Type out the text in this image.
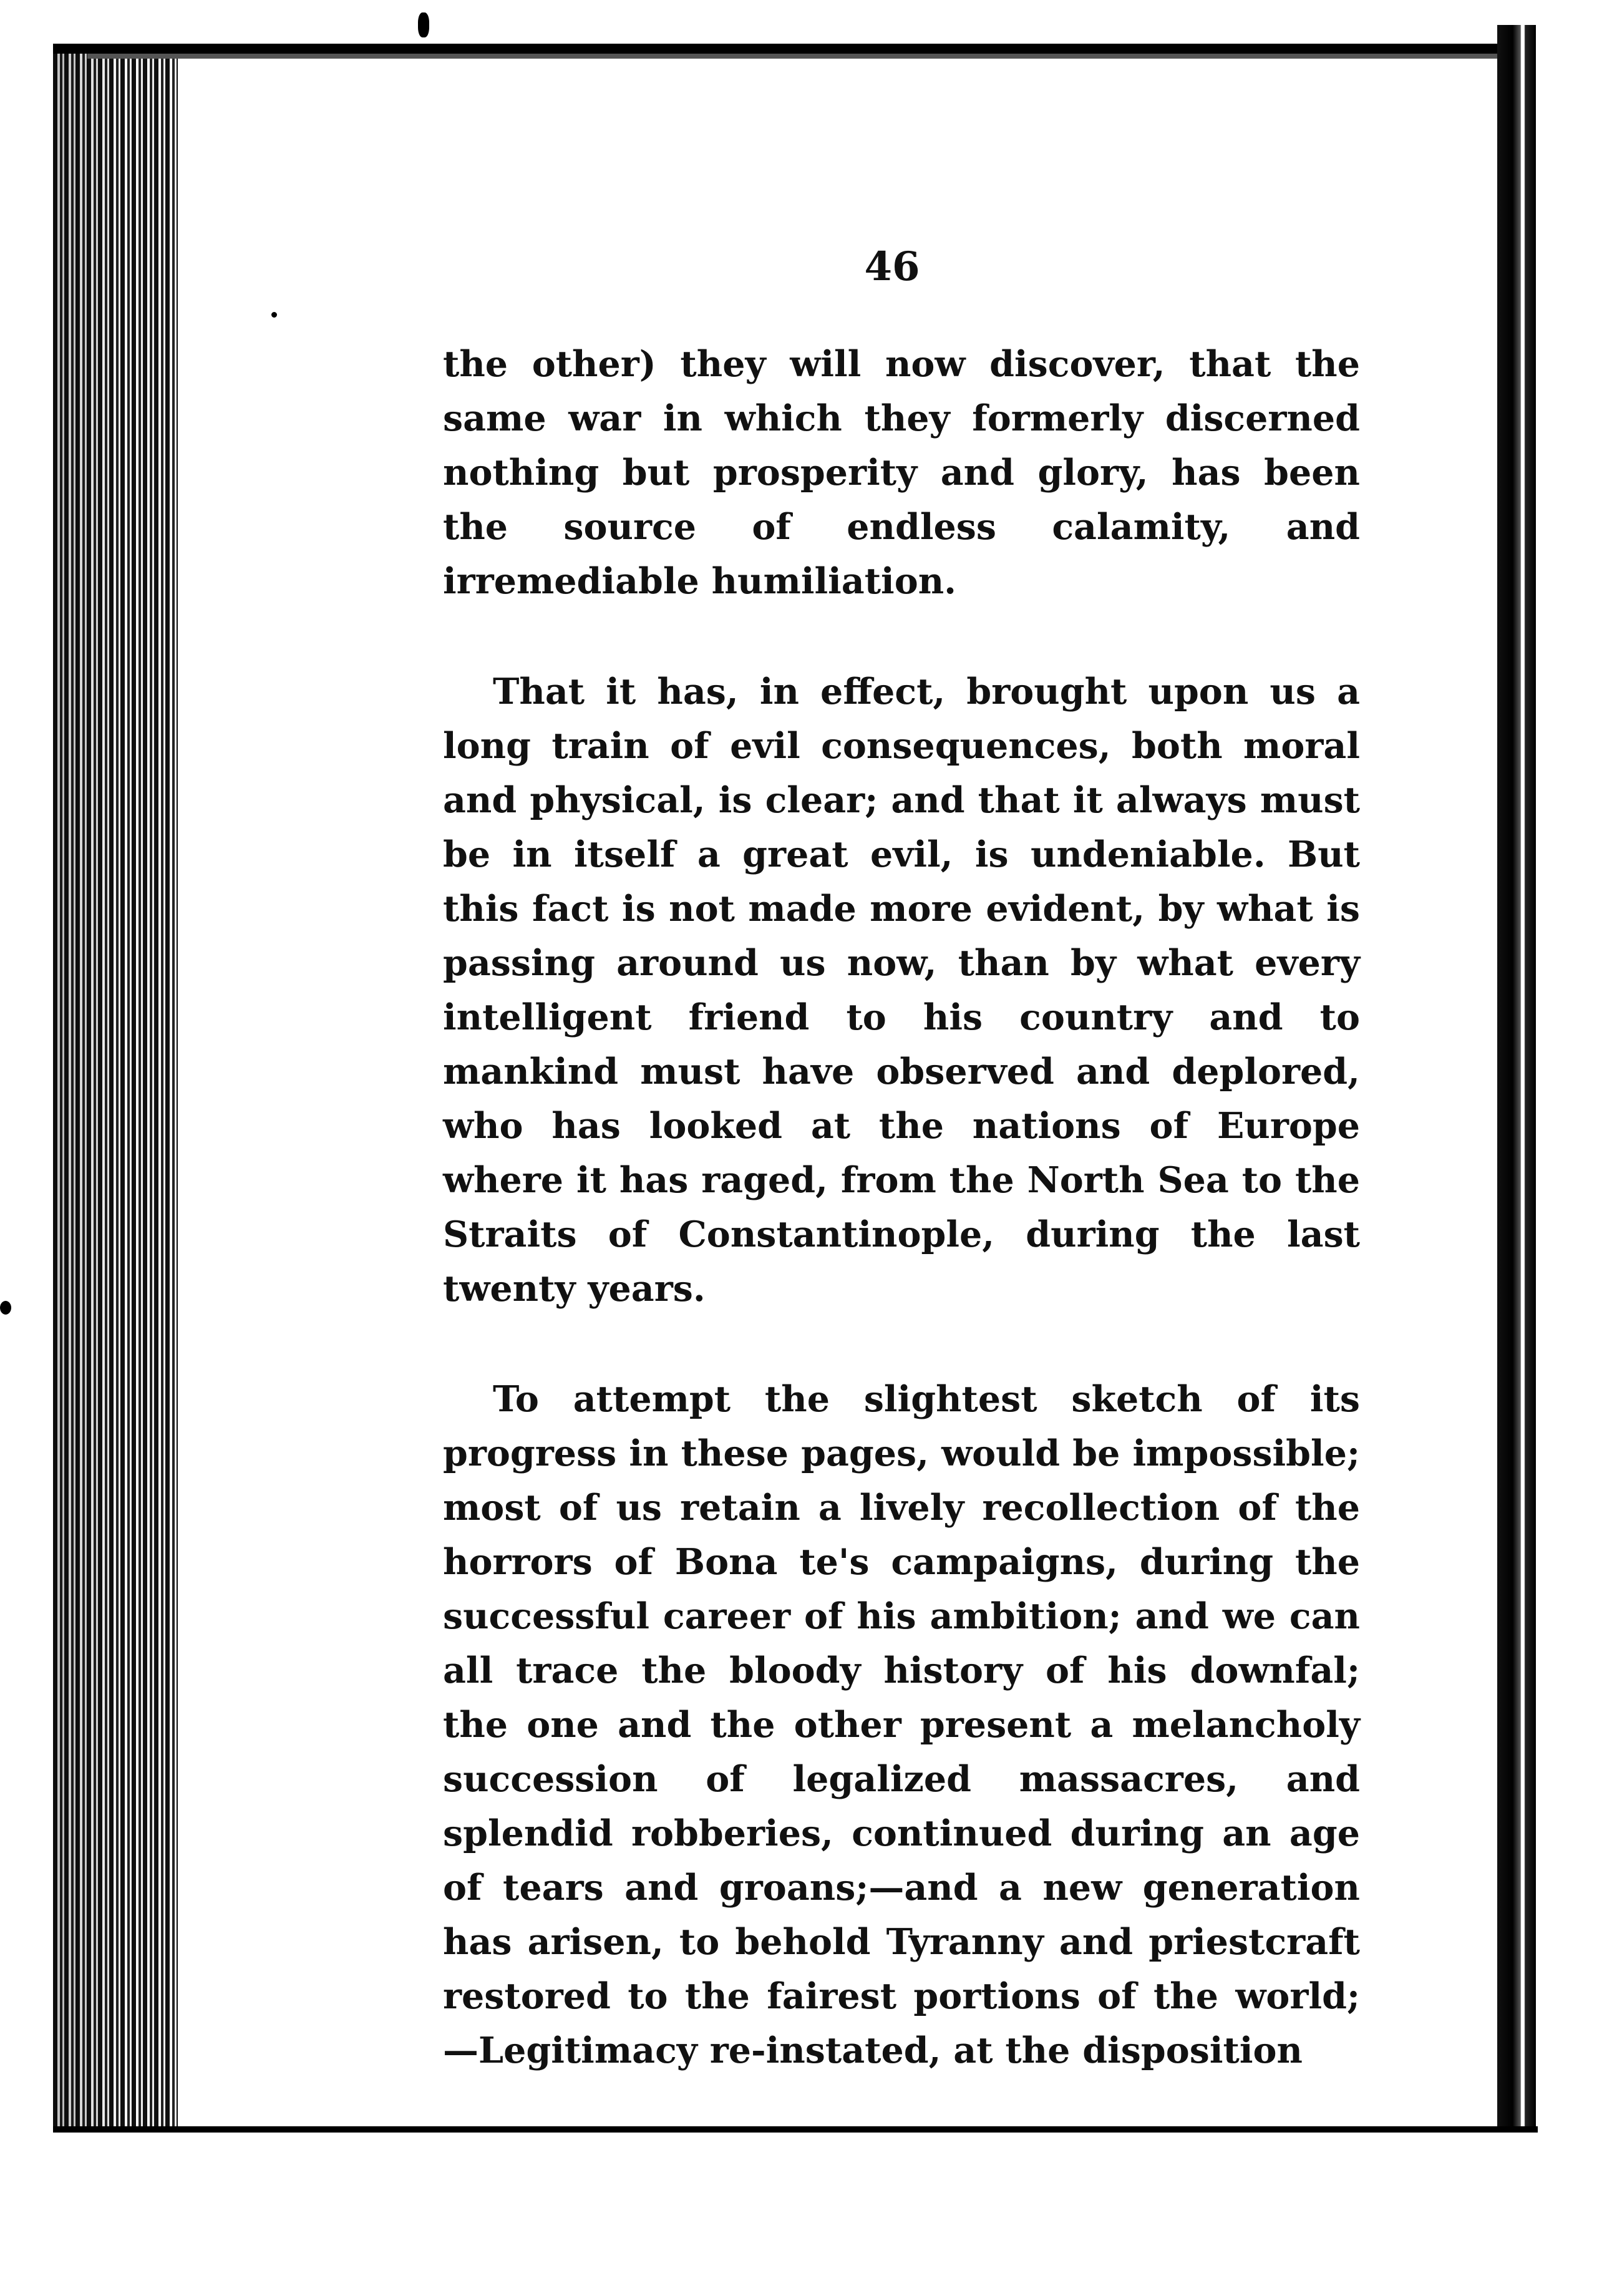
46

the other) they will now discover, that the same war in which they formerly discerned nothing but prosperity and glory, has been the source of endless calamity, and irremediable humiliation.

That it has, in effect, brought upon us a long train of evil consequences, both moral and physical, is clear; and that it always must be in itself a great evil, is undeniable. But this fact is not made more evident, by what is passing around us now, than by what every intelligent friend to his country and to mankind must have observed and deplored, who has looked at the nations of Europe where it has raged, from the North Sea to the Straits of Constantinople, during the last twenty years.

To attempt the slightest sketch of its progress in these pages, would be impossible; most of us retain a lively recollection of the horrors of Bona te's campaigns, during the successful career of his ambition; and we can all trace the bloody history of his downfal; the one and the other present a melancholy succession of legalized massacres, and splendid robberies, continued during an age of tears and groans;—and a new generation has arisen, to behold Tyranny and priestcraft restored to the fairest portions of the world;—Legitimacy re-instated, at the disposition
